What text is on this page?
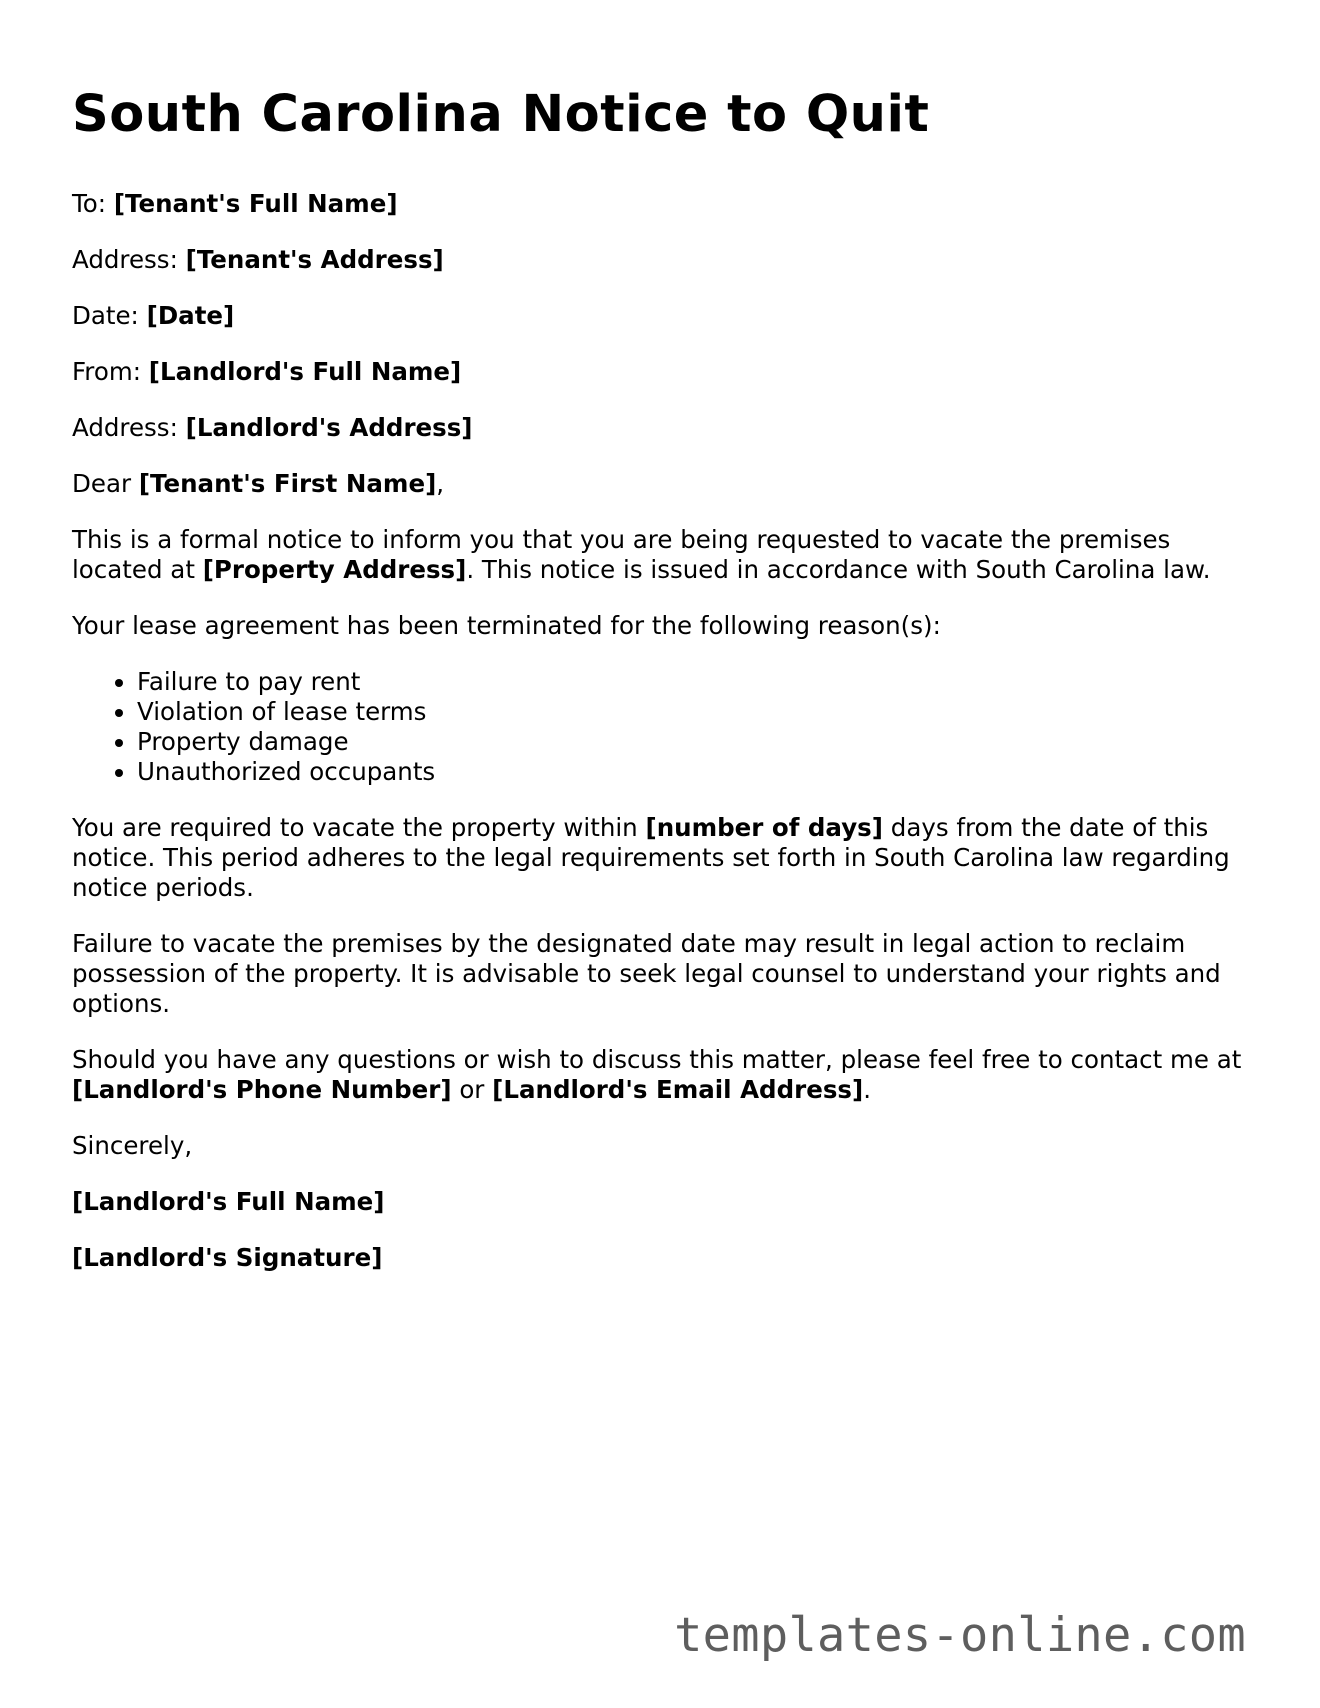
South Carolina Notice to Quit

To: [Tenant's Full Name]

Address: [Tenant's Address]

Date: [Date]

From: [Landlord's Full Name]

Address: [Landlord's Address]

Dear [Tenant's First Name],

This is a formal notice to inform you that you are being requested to vacate the premises located at [Property Address]. This notice is issued in accordance with South Carolina law.

Your lease agreement has been terminated for the following reason(s):

• Failure to pay rent
• Violation of lease terms
• Property damage
• Unauthorized occupants

You are required to vacate the property within [number of days] days from the date of this notice. This period adheres to the legal requirements set forth in South Carolina law regarding notice periods.

Failure to vacate the premises by the designated date may result in legal action to reclaim possession of the property. It is advisable to seek legal counsel to understand your rights and options.

Should you have any questions or wish to discuss this matter, please feel free to contact me at [Landlord's Phone Number] or [Landlord's Email Address].

Sincerely,

[Landlord's Full Name]

[Landlord's Signature]

templates-online.com
